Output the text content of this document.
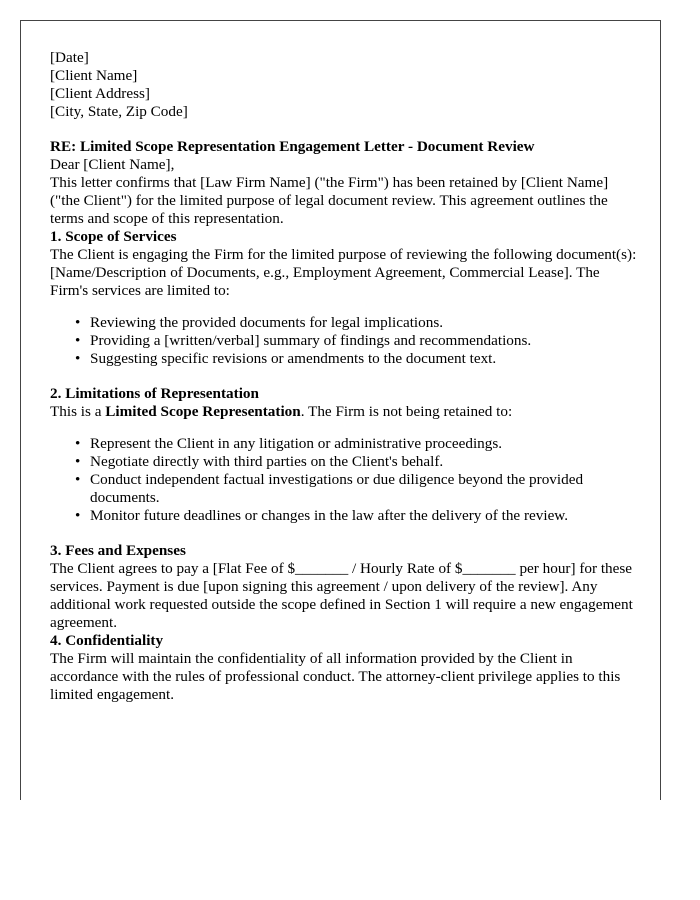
[Date]

[Client Name]

[Client Address]

[City, State, Zip Code]

RE: Limited Scope Representation Engagement Letter - Document Review

Dear [Client Name],

This letter confirms that [Law Firm Name] ("the Firm") has been retained by [Client Name] ("the Client") for the limited purpose of legal document review. This agreement outlines the terms and scope of this representation.

1. Scope of Services

The Client is engaging the Firm for the limited purpose of reviewing the following document(s): [Name/Description of Documents, e.g., Employment Agreement, Commercial Lease]. The Firm's services are limited to:

• Reviewing the provided documents for legal implications.
• Providing a [written/verbal] summary of findings and recommendations.
• Suggesting specific revisions or amendments to the document text.

2. Limitations of Representation

This is a Limited Scope Representation. The Firm is not being retained to:

• Represent the Client in any litigation or administrative proceedings.
• Negotiate directly with third parties on the Client's behalf.
• Conduct independent factual investigations or due diligence beyond the provided documents.
• Monitor future deadlines or changes in the law after the delivery of the review.

3. Fees and Expenses

The Client agrees to pay a [Flat Fee of $_______ / Hourly Rate of $_______ per hour] for these services. Payment is due [upon signing this agreement / upon delivery of the review]. Any additional work requested outside the scope defined in Section 1 will require a new engagement agreement.

4. Confidentiality

The Firm will maintain the confidentiality of all information provided by the Client in accordance with the rules of professional conduct. The attorney-client privilege applies to this limited engagement.
